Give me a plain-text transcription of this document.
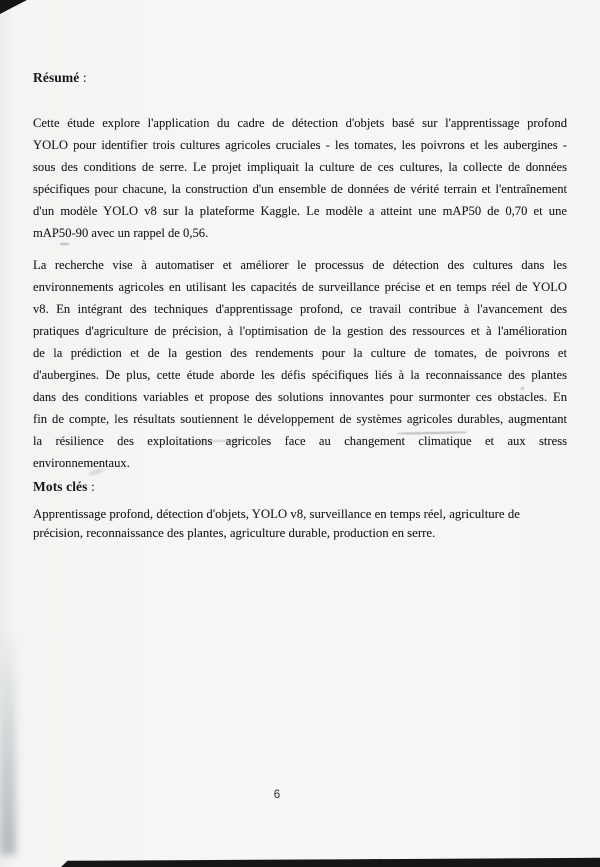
Résumé :
Cette étude explore l'application du cadre de détection d'objets basé sur l'apprentissage profond
YOLO pour identifier trois cultures agricoles cruciales - les tomates, les poivrons et les aubergines -
sous des conditions de serre. Le projet impliquait la culture de ces cultures, la collecte de données
spécifiques pour chacune, la construction d'un ensemble de données de vérité terrain et l'entraînement
d'un modèle YOLO v8 sur la plateforme Kaggle. Le modèle a atteint une mAP50 de 0,70 et une
mAP50-90 avec un rappel de 0,56.
La recherche vise à automatiser et améliorer le processus de détection des cultures dans les
environnements agricoles en utilisant les capacités de surveillance précise et en temps réel de YOLO
v8. En intégrant des techniques d'apprentissage profond, ce travail contribue à l'avancement des
pratiques d'agriculture de précision, à l'optimisation de la gestion des ressources et à l'amélioration
de la prédiction et de la gestion des rendements pour la culture de tomates, de poivrons et
d'aubergines. De plus, cette étude aborde les défis spécifiques liés à la reconnaissance des plantes
dans des conditions variables et propose des solutions innovantes pour surmonter ces obstacles. En
fin de compte, les résultats soutiennent le développement de systèmes agricoles durables, augmentant
la résilience des exploitations agricoles face au changement climatique et aux stress
environnementaux.
Mots clés :
Apprentissage profond, détection d'objets, YOLO v8, surveillance en temps réel, agriculture de
précision, reconnaissance des plantes, agriculture durable, production en serre.
6
